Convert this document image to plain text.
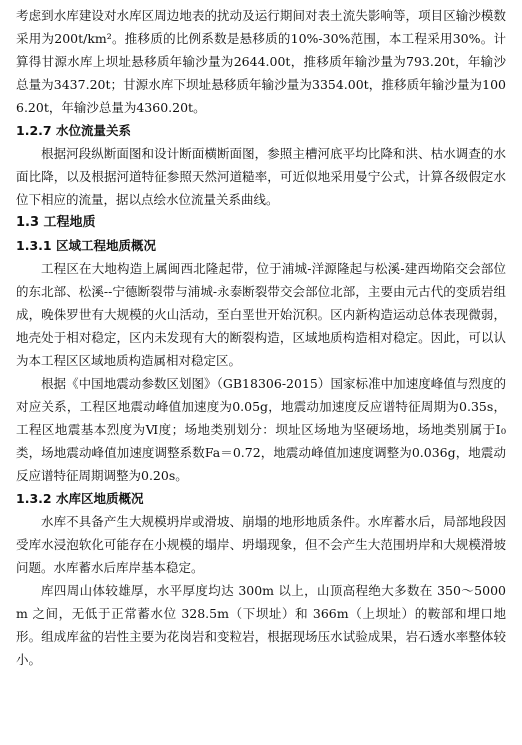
考虑到水库建设对水库区周边地表的扰动及运行期间对表土流失影响等，项目区输沙模数采用为200t/km²。推移质的比例系数是悬移质的10%-30%范围，本工程采用30%。计算得甘源水库上坝址悬移质年输沙量为2644.00t，推移质年输沙量为793.20t，年输沙总量为3437.20t；甘源水库下坝址悬移质年输沙量为3354.00t，推移质年输沙量为1006.20t，年输沙总量为4360.20t。

1.2.7 水位流量关系

根据河段纵断面图和设计断面横断面图，参照主槽河底平均比降和洪、枯水调查的水面比降，以及根据河道特征参照天然河道糙率，可近似地采用曼宁公式，计算各级假定水位下相应的流量，据以点绘水位流量关系曲线。

1.3 工程地质
1.3.1 区域工程地质概况

工程区在大地构造上属闽西北隆起带，位于浦城-洋源隆起与松溪-建西坳陷交会部位的东北部、松溪--宁德断裂带与浦城-永泰断裂带交会部位北部，主要由元古代的变质岩组成，晚侏罗世有大规模的火山活动，至白垩世开始沉积。区内新构造运动总体表现微弱，地壳处于相对稳定，区内未发现有大的断裂构造，区域地质构造相对稳定。因此，可以认为本工程区区域地质构造属相对稳定区。

根据《中国地震动参数区划图》（GB18306-2015）国家标准中加速度峰值与烈度的对应关系，工程区地震动峰值加速度为0.05g，地震动加速度反应谱特征周期为0.35s，工程区地震基本烈度为Ⅵ度；场地类别划分：坝址区场地为坚硬场地，场地类别属于Ⅰ₀类，场地震动峰值加速度调整系数Fa＝0.72，地震动峰值加速度调整为0.036g，地震动反应谱特征周期调整为0.20s。

1.3.2 水库区地质概况

水库不具备产生大规模坍岸或滑坡、崩塌的地形地质条件。水库蓄水后，局部地段因受库水浸泡软化可能存在小规模的塌岸、坍塌现象，但不会产生大范围坍岸和大规模滑坡问题。水库蓄水后库岸基本稳定。

库四周山体较雄厚，水平厚度均达 300m 以上，山顶高程绝大多数在 350～5000m 之间，无低于正常蓄水位 328.5m（下坝址）和 366m（上坝址）的鞍部和埋口地形。组成库盆的岩性主要为花岗岩和变粒岩，根据现场压水试验成果，岩石透水率整体较小。
